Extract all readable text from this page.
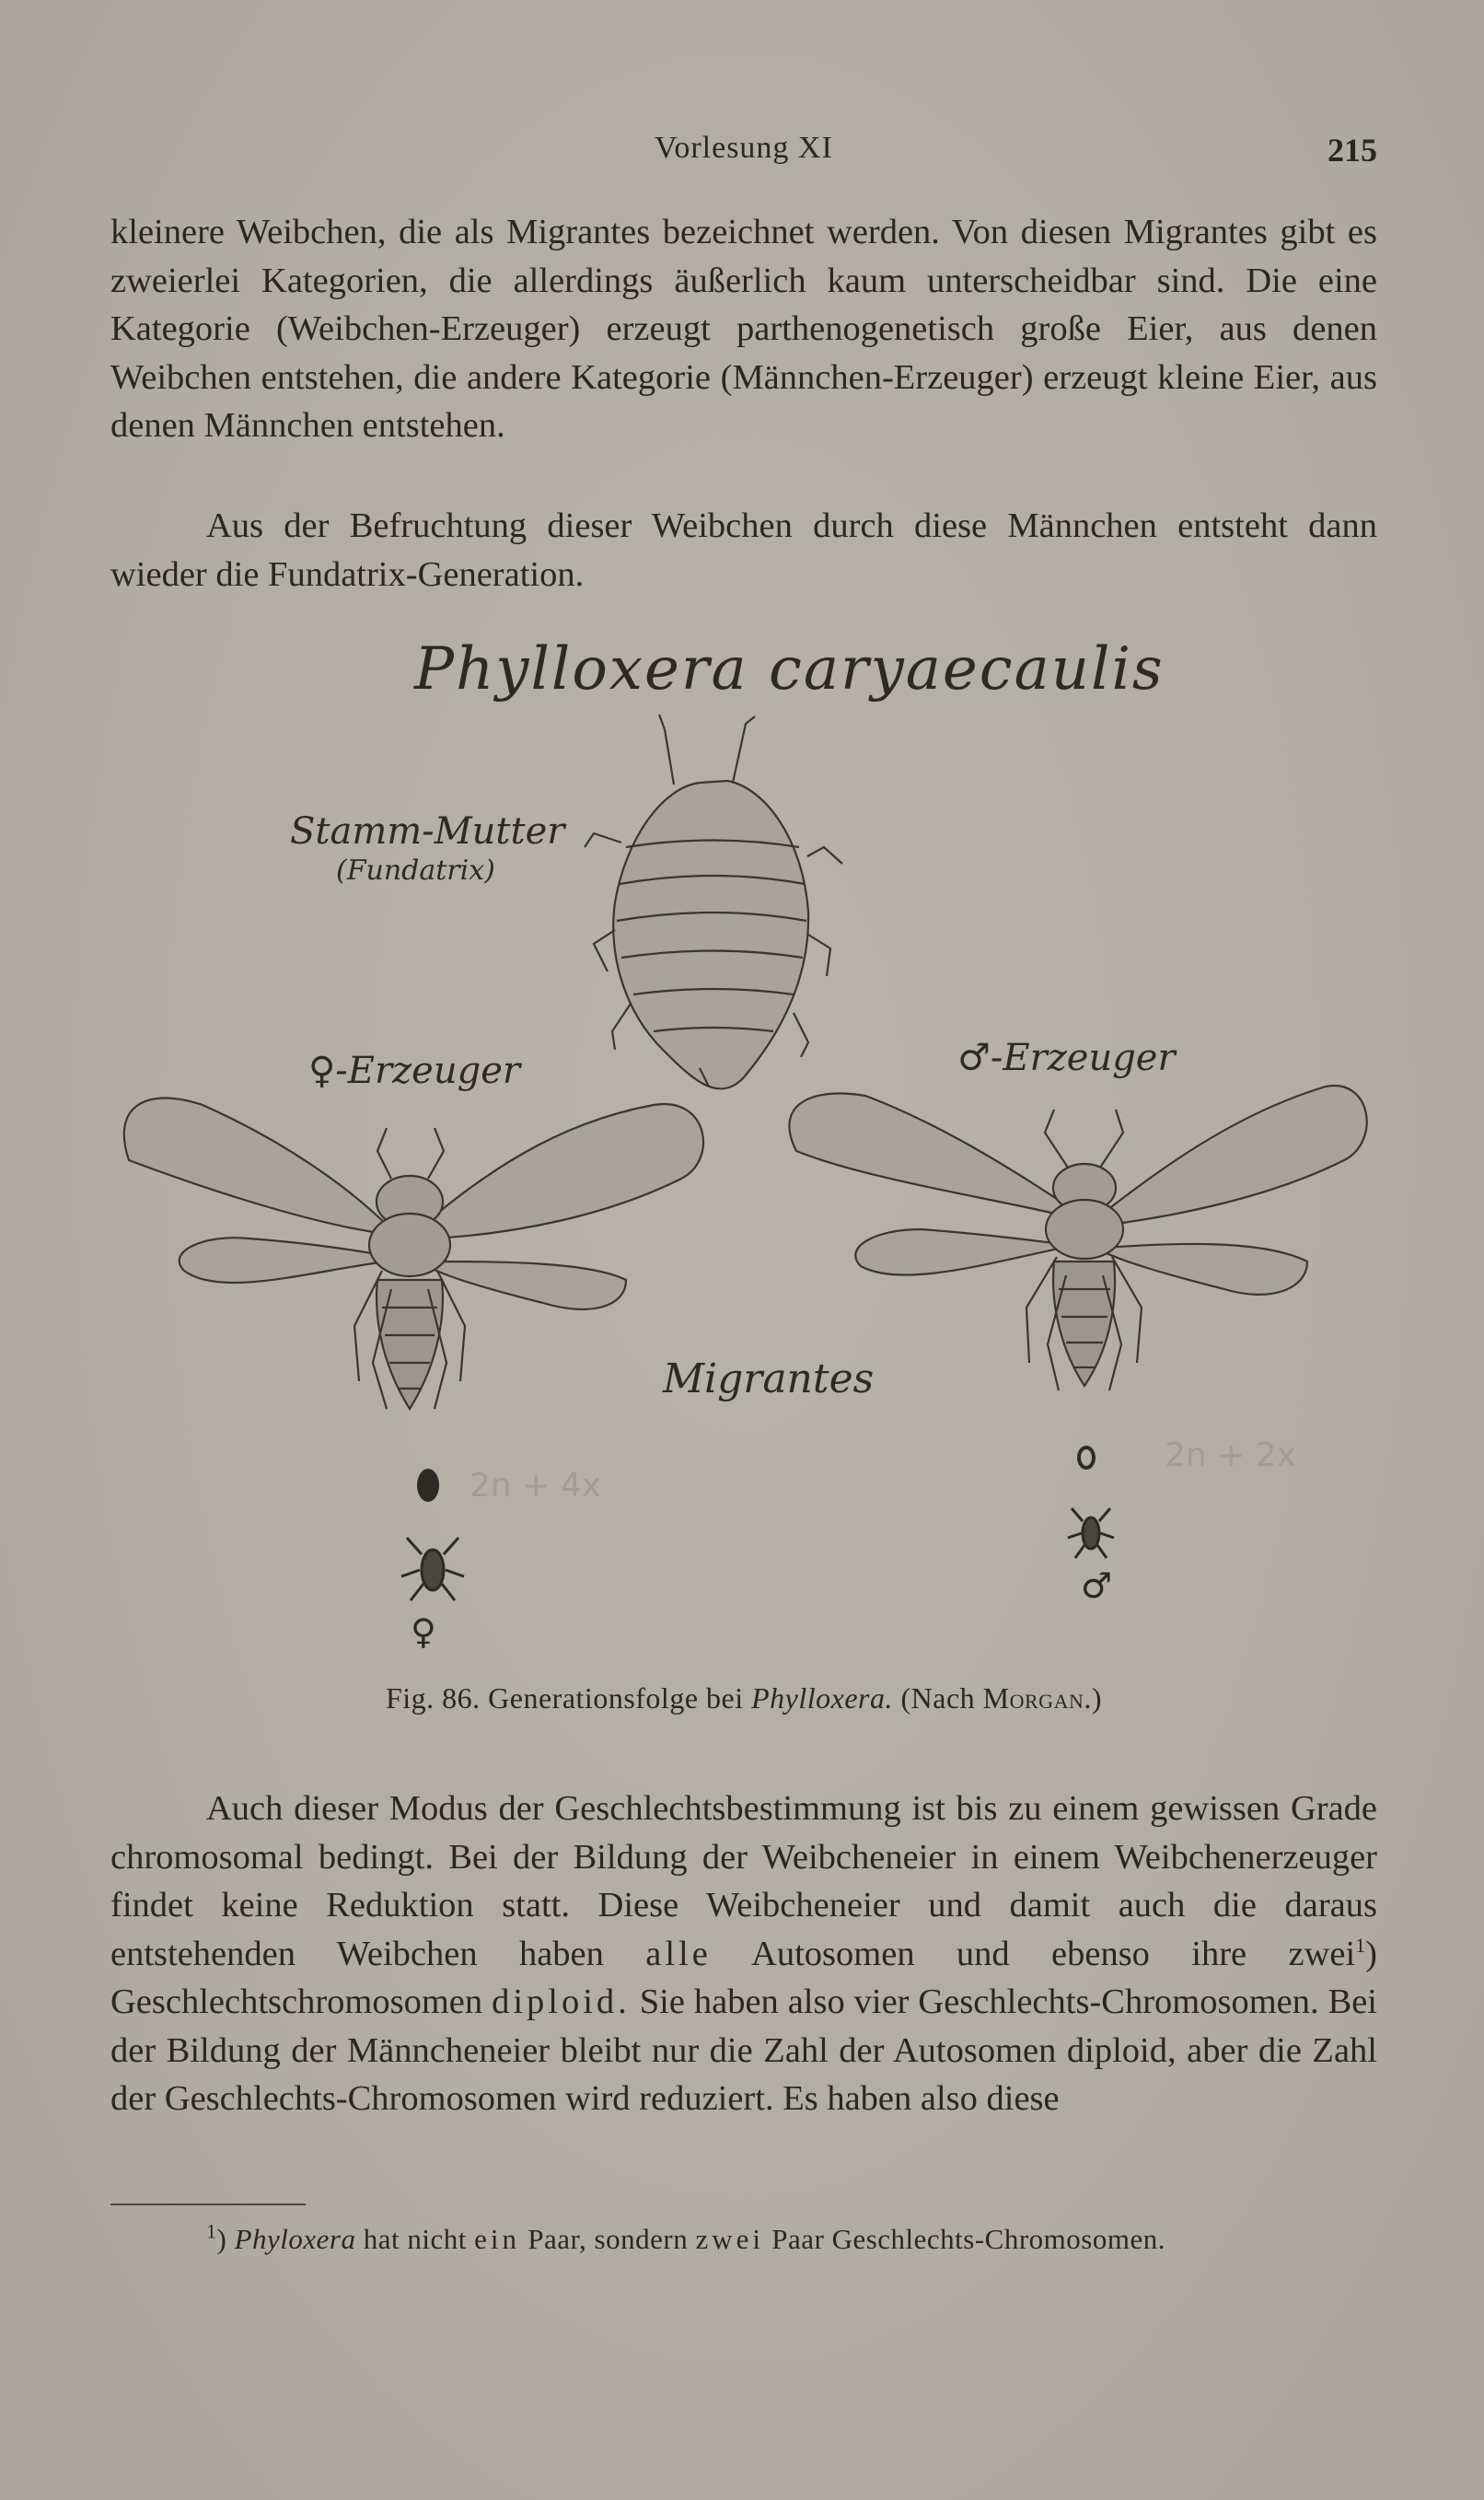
Vorlesung XI	215

kleinere Weibchen, die als Migrantes bezeichnet werden. Von diesen Migrantes gibt es zweierlei Kategorien, die allerdings äußerlich kaum unterscheidbar sind. Die eine Kategorie (Weibchen-Erzeuger) erzeugt parthenogenetisch große Eier, aus denen Weibchen entstehen, die andere Kategorie (Männchen-Erzeuger) erzeugt kleine Eier, aus denen Männchen entstehen.

Aus der Befruchtung dieser Weibchen durch diese Männchen entsteht dann wieder die Fundatrix-Generation.

Phylloxera caryaecaulis
Stamm-Mutter
(Fundatrix)
♀-Erzeuger	♂-Erzeuger
Migrantes
2n + 4x
2n + 2x
♀
♂
Fig. 86. Generationsfolge bei Phylloxera. (Nach Morgan.)

Auch dieser Modus der Geschlechtsbestimmung ist bis zu einem gewissen Grade chromosomal bedingt. Bei der Bildung der Weibcheneier in einem Weibchenerzeuger findet keine Reduktion statt. Diese Weibcheneier und damit auch die daraus entstehenden Weibchen haben alle Autosomen und ebenso ihre zwei$^1$) Geschlechtschromosomen diploid. Sie haben also vier Geschlechts-Chromosomen. Bei der Bildung der Männcheneier bleibt nur die Zahl der Autosomen diploid, aber die Zahl der Geschlechts-Chromosomen wird reduziert. Es haben also diese

$^1$) Phyloxera hat nicht ein Paar, sondern zwei Paar Geschlechts-Chromosomen.
